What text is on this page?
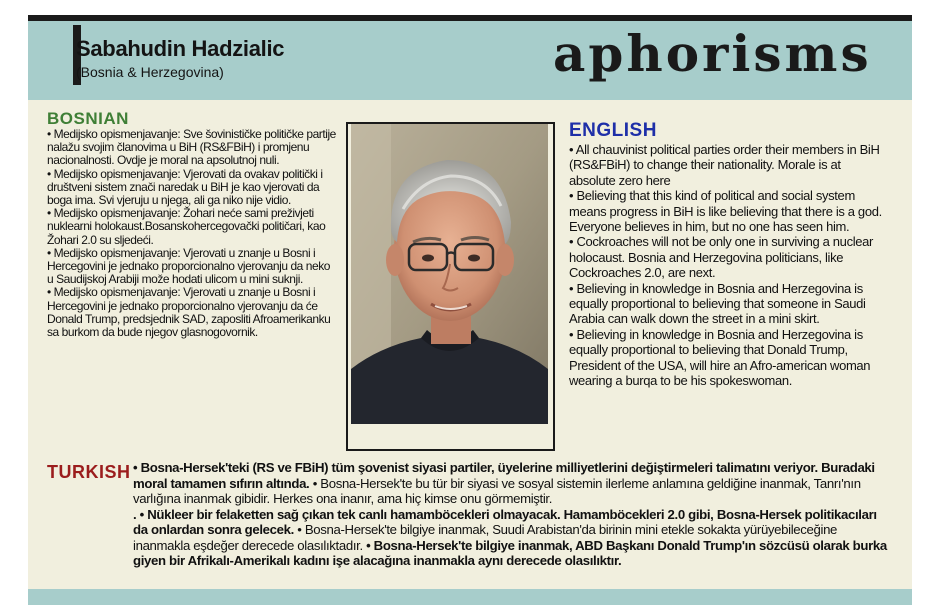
Sabahudin Hadzialic
(Bosnia & Herzegovina)	aphorisms
BOSNIAN

• Medijsko opismenjavanje: Sve šovinističke političke partije nalažu svojim članovima u BiH (RS&FBiH) i promjenu nacionalnosti. Ovdje je moral na apsolutnoj nuli.

• Medijsko opismenjavanje: Vjerovati da ovakav politički i društveni sistem znači naredak u BiH je kao vjerovati da boga ima. Svi vjeruju u njega, ali ga niko nije vidio.

• Medijsko opismenjavanje: Žohari neće sami preživjeti nuklearni holokaust.Bosanskohercegovački političari, kao Žohari 2.0 su sljedeći.

• Medijsko opismenjavanje: Vjerovati u znanje u Bosni i Hercegovini je jednako proporcionalno vjerovanju da neko u Saudijskoj Arabiji može hodati ulicom u mini suknji.

• Medijsko opismenjavanje: Vjerovati u znanje u Bosni i Hercegovini je jednako proporcionalno vjerovanju da će Donald Trump, predsjednik SAD, zaposliti Afroamerikanku sa burkom da bude njegov glasnogovornik.

ENGLISH

• All chauvinist political parties order their members in BiH (RS&FBiH) to change their nationality. Morale is at absolute zero here

• Believing that this kind of political and social system means progress in BiH is like believing that there is a god. Everyone believes in him, but no one has seen him.

• Cockroaches will not be only one in surviving a nuclear holocaust. Bosnia and Herzegovina politicians, like Cockroaches 2.0, are next.

• Believing in knowledge in Bosnia and Herzegovina is equally proportional to believing that someone in Saudi Arabia can walk down the street in a mini skirt.

• Believing in knowledge in Bosnia and Herzegovina is equally proportional to believing that Donald Trump, President of the USA, will hire an Afro-american woman wearing a burqa to be his spokeswoman.

TURKISH • Bosna-Hersek'teki (RS ve FBiH) tüm şovenist siyasi partiler, üyelerine milliyetlerini değiştirmeleri talimatını veriyor. Buradaki moral tamamen sıfırın altında. • Bosna-Hersek'te bu tür bir siyasi ve sosyal sistemin ilerleme anlamına geldiğine inanmak, Tanrı'nın varlığına inanmak gibidir. Herkes ona inanır, ama hiç kimse onu görmemiştir.
. • Nükleer bir felaketten sağ çıkan tek canlı hamamböcekleri olmayacak. Hamamböcekleri 2.0 gibi, Bosna-Hersek politikacıları da onlardan sonra gelecek. • Bosna-Hersek'te bilgiye inanmak, Suudi Arabistan'da birinin mini etekle sokakta yürüyebileceğine inanmakla eşdeğer derecede olasılıktadır. • Bosna-Hersek'te bilgiye inanmak, ABD Başkanı Donald Trump'ın sözcüsü olarak burka giyen bir Afrikalı-Amerikalı kadını işe alacağına inanmakla aynı derecede olasılıktır.
